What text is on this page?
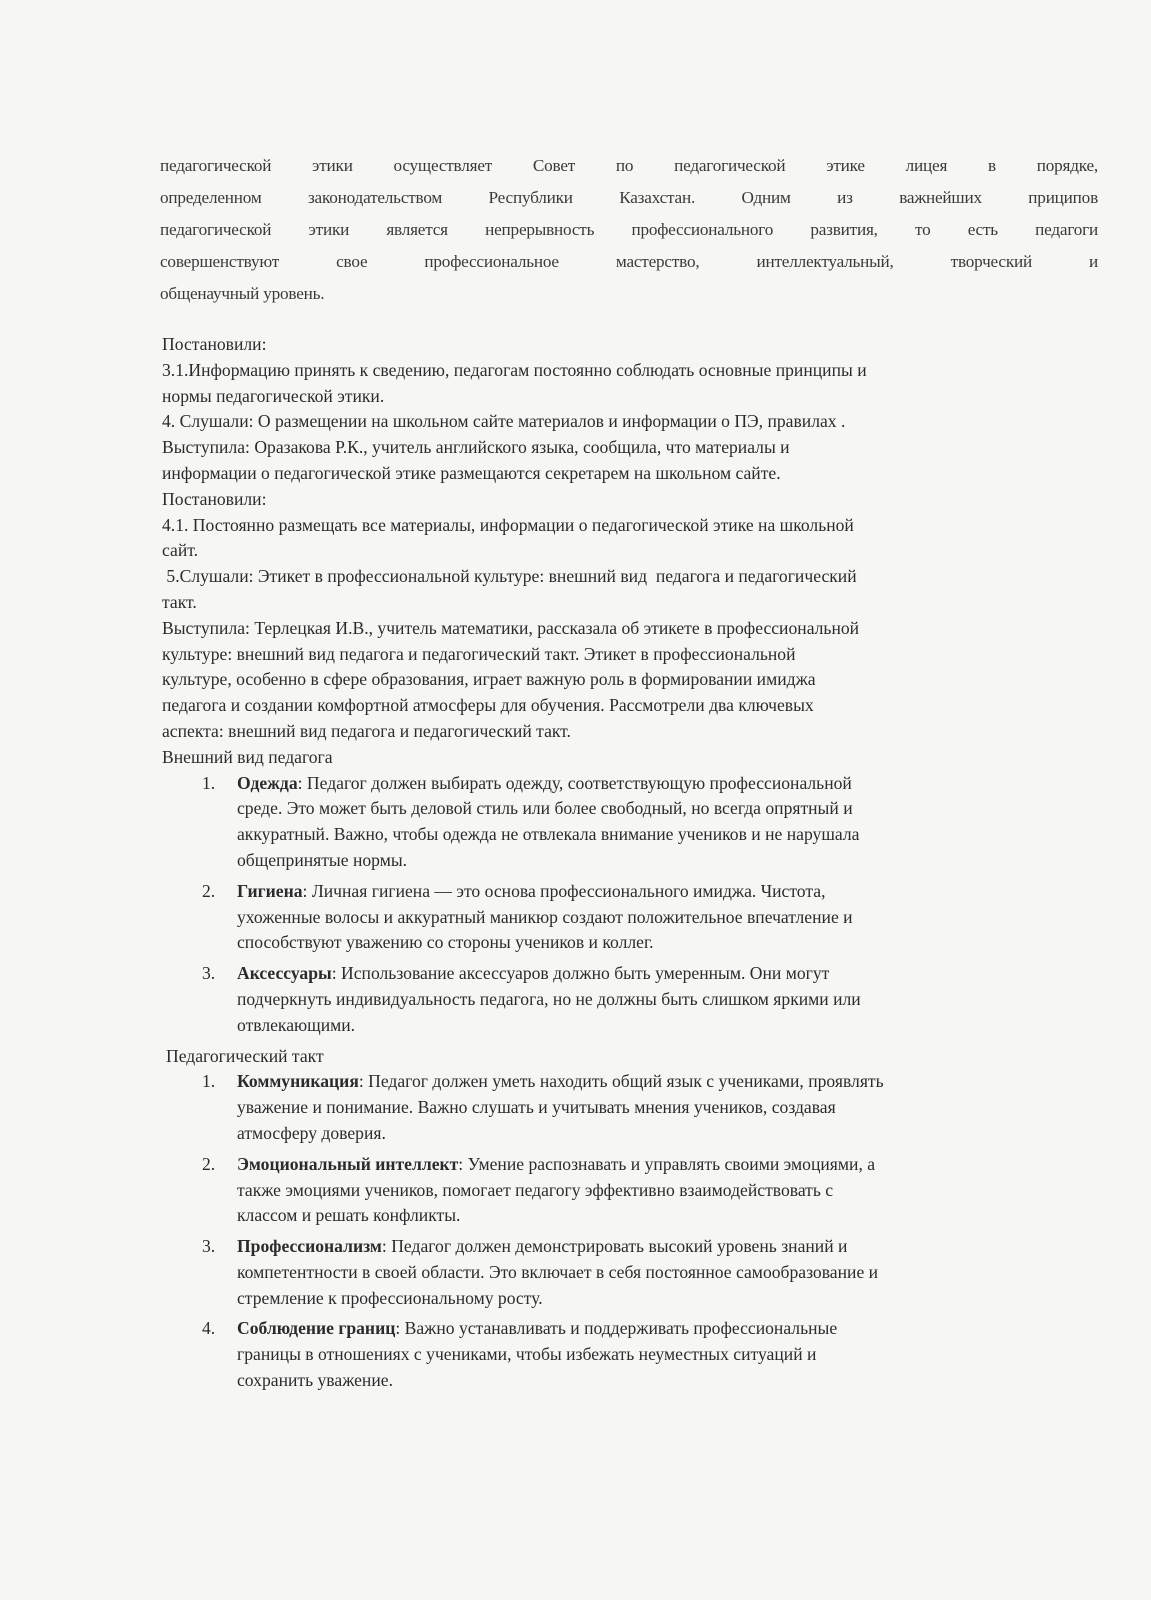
педагогической этики осуществляет Совет по педагогической этике лицея в порядке,
определенном законодательством Республики Казахстан. Одним из важнейших приципов
педагогической этики является непрерывность профессионального развития, то есть педагоги
совершенствуют свое профессиональное мастерство, интеллектуальный, творческий и
общенаучный уровень.
Постановили:
3.1.Информацию принять к сведению, педагогам постоянно соблюдать основные принципы и
нормы педагогической этики.
4. Слушали: О размещении на школьном сайте материалов и информации о ПЭ, правилах .
Выступила: Оразакова Р.К., учитель английского языка, сообщила, что материалы и
информации о педагогической этике размещаются секретарем на школьном сайте.
Постановили:
4.1. Постоянно размещать все материалы, информации о педагогической этике на школьной
сайт.
5.Слушали: Этикет в профессиональной культуре: внешний вид  педагога и педагогический
такт.
Выступила: Терлецкая И.В., учитель математики, рассказала об этикете в профессиональной
культуре: внешний вид педагога и педагогический такт. Этикет в профессиональной
культуре, особенно в сфере образования, играет важную роль в формировании имиджа
педагога и создании комфортной атмосферы для обучения. Рассмотрели два ключевых
аспекта: внешний вид педагога и педагогический такт.
Внешний вид педагога
1. Одежда: Педагог должен выбирать одежду, соответствующую профессиональной
среде. Это может быть деловой стиль или более свободный, но всегда опрятный и
аккуратный. Важно, чтобы одежда не отвлекала внимание учеников и не нарушала
общепринятые нормы.
2. Гигиена: Личная гигиена — это основа профессионального имиджа. Чистота,
ухоженные волосы и аккуратный маникюр создают положительное впечатление и
способствуют уважению со стороны учеников и коллег.
3. Аксессуары: Использование аксессуаров должно быть умеренным. Они могут
подчеркнуть индивидуальность педагога, но не должны быть слишком яркими или
отвлекающими.
Педагогический такт
1. Коммуникация: Педагог должен уметь находить общий язык с учениками, проявлять
уважение и понимание. Важно слушать и учитывать мнения учеников, создавая
атмосферу доверия.
2. Эмоциональный интеллект: Умение распознавать и управлять своими эмоциями, а
также эмоциями учеников, помогает педагогу эффективно взаимодействовать с
классом и решать конфликты.
3. Профессионализм: Педагог должен демонстрировать высокий уровень знаний и
компетентности в своей области. Это включает в себя постоянное самообразование и
стремление к профессиональному росту.
4. Соблюдение границ: Важно устанавливать и поддерживать профессиональные
границы в отношениях с учениками, чтобы избежать неуместных ситуаций и
сохранить уважение.
